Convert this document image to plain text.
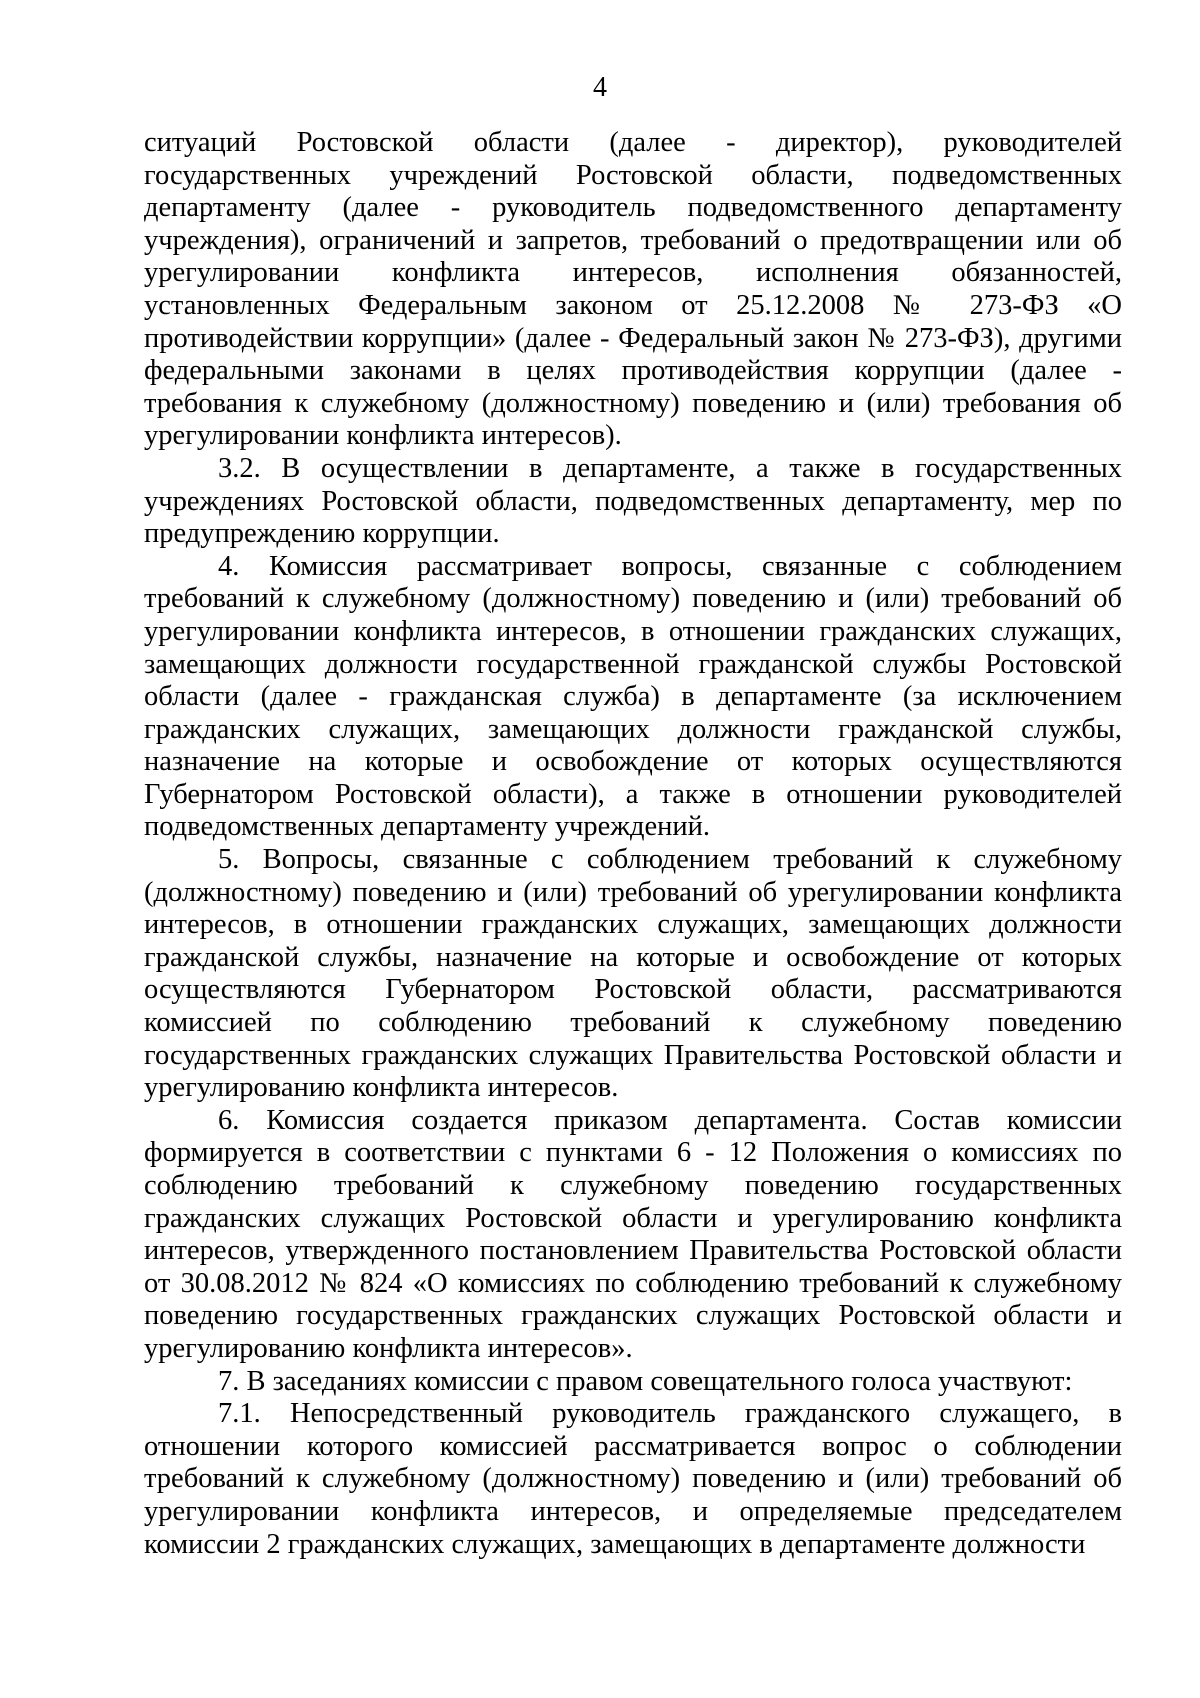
4

ситуаций Ростовской области (далее - директор), руководителей государственных учреждений Ростовской области, подведомственных департаменту (далее - руководитель подведомственного департаменту учреждения), ограничений и запретов, требований о предотвращении или об урегулировании конфликта интересов, исполнения обязанностей, установленных Федеральным законом от 25.12.2008 № 273-ФЗ «О противодействии коррупции» (далее - Федеральный закон № 273-ФЗ), другими федеральными законами в целях противодействия коррупции (далее - требования к служебному (должностному) поведению и (или) требования об урегулировании конфликта интересов).

3.2. В осуществлении в департаменте, а также в государственных учреждениях Ростовской области, подведомственных департаменту, мер по предупреждению коррупции.

4. Комиссия рассматривает вопросы, связанные с соблюдением требований к служебному (должностному) поведению и (или) требований об урегулировании конфликта интересов, в отношении гражданских служащих, замещающих должности государственной гражданской службы Ростовской области (далее - гражданская служба) в департаменте (за исключением гражданских служащих, замещающих должности гражданской службы, назначение на которые и освобождение от которых осуществляются Губернатором Ростовской области), а также в отношении руководителей подведомственных департаменту учреждений.

5. Вопросы, связанные с соблюдением требований к служебному (должностному) поведению и (или) требований об урегулировании конфликта интересов, в отношении гражданских служащих, замещающих должности гражданской службы, назначение на которые и освобождение от которых осуществляются Губернатором Ростовской области, рассматриваются комиссией по соблюдению требований к служебному поведению государственных гражданских служащих Правительства Ростовской области и урегулированию конфликта интересов.

6. Комиссия создается приказом департамента. Состав комиссии формируется в соответствии с пунктами 6 - 12 Положения о комиссиях по соблюдению требований к служебному поведению государственных гражданских служащих Ростовской области и урегулированию конфликта интересов, утвержденного постановлением Правительства Ростовской области от 30.08.2012 № 824 «О комиссиях по соблюдению требований к служебному поведению государственных гражданских служащих Ростовской области и урегулированию конфликта интересов».

7. В заседаниях комиссии с правом совещательного голоса участвуют:

7.1. Непосредственный руководитель гражданского служащего, в отношении которого комиссией рассматривается вопрос о соблюдении требований к служебному (должностному) поведению и (или) требований об урегулировании конфликта интересов, и определяемые председателем комиссии 2 гражданских служащих, замещающих в департаменте должности
